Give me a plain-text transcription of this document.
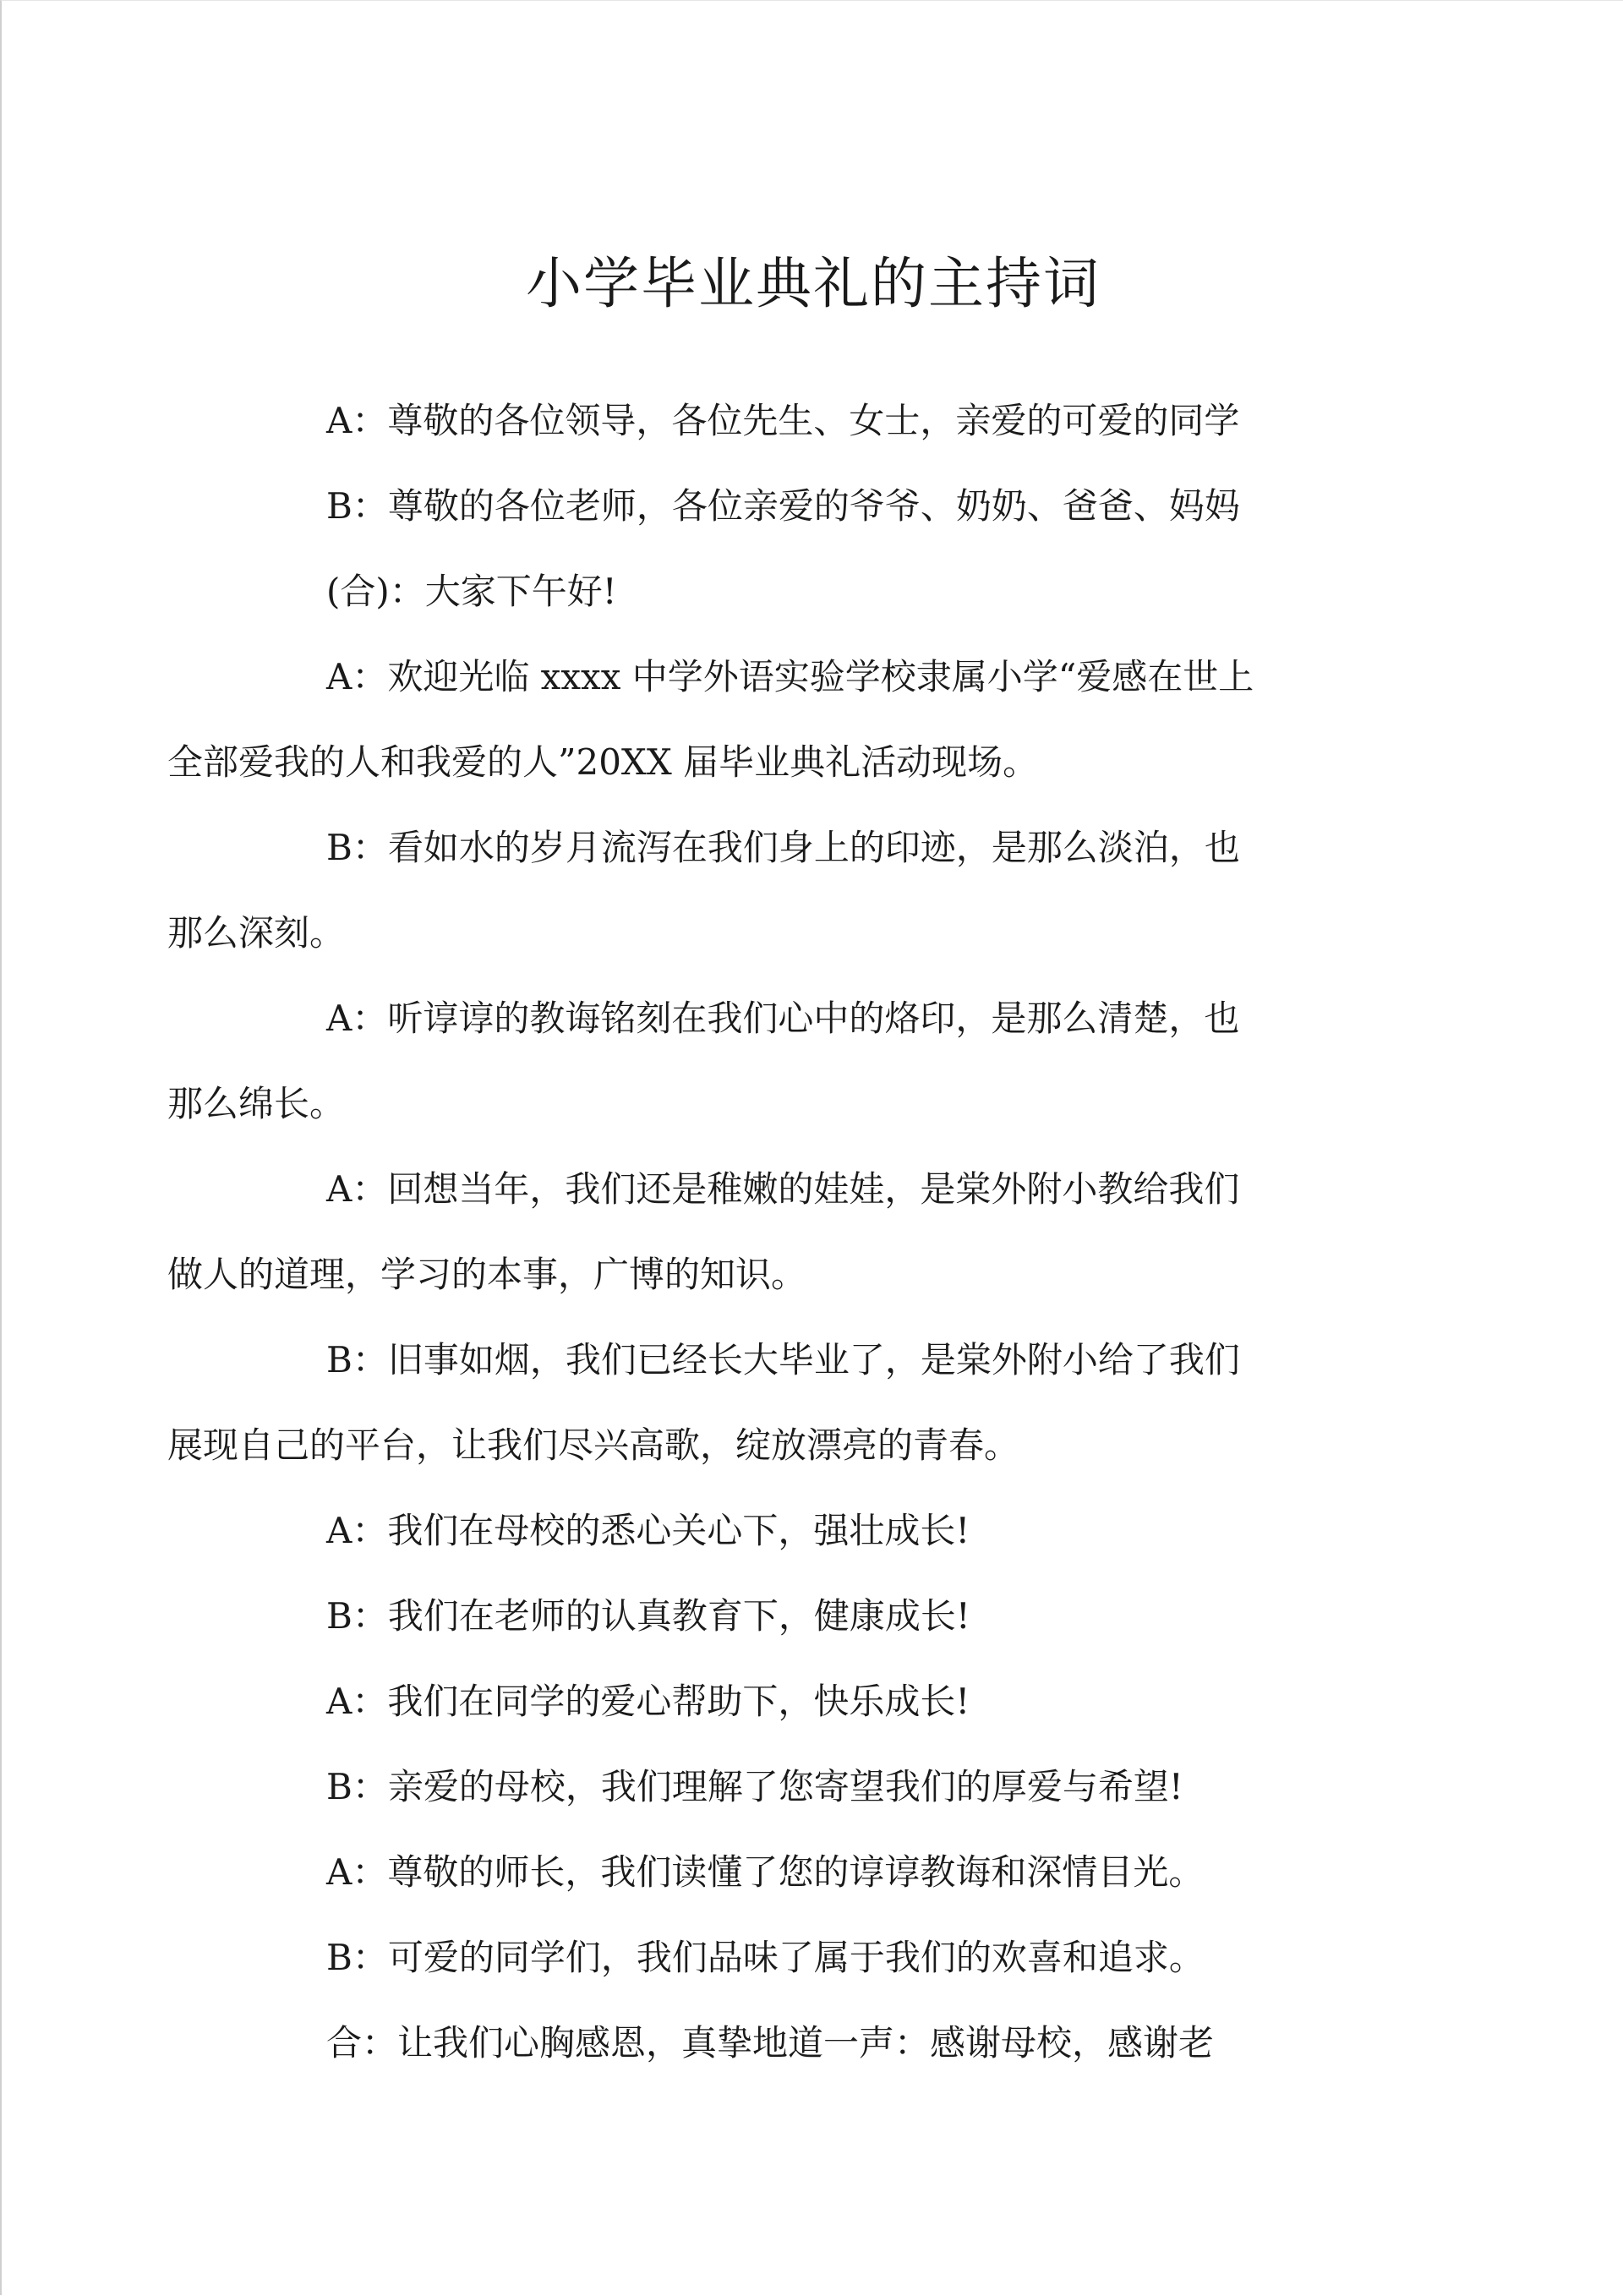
小学毕业典礼的主持词

A：尊敬的各位领导，各位先生、女士，亲爱的可爱的同学

B：尊敬的各位老师，各位亲爱的爷爷、奶奶、爸爸、妈妈

(合)：大家下午好!

A：欢迎光临 xxxx 中学外语实验学校隶属小学“爱感在世上
全部爱我的人和我爱的人”20XX 届毕业典礼活动现场。

B：看如水的岁月流泻在我们身上的印迹，是那么淡泊，也
那么深刻。

A：听谆谆的教诲铭刻在我们心中的烙印，是那么清楚，也
那么绵长。

A：回想当年，我们还是稚嫩的娃娃，是棠外附小教给我们
做人的道理，学习的本事，广博的知识。

B：旧事如烟，我们已经长大毕业了，是棠外附小给了我们
展现自己的平台，让我们尽兴高歌，绽放漂亮的青春。

A：我们在母校的悉心关心下，强壮成长!

B：我们在老师的认真教育下，健康成长!

A：我们在同学的爱心帮助下，快乐成长!

B：亲爱的母校，我们理解了您寄望我们的厚爱与希望!

A：尊敬的师长，我们读懂了您的谆谆教诲和深情目光。

B：可爱的同学们，我们品味了属于我们的欢喜和追求。

合：让我们心胸感恩，真挚地道一声：感谢母校，感谢老
